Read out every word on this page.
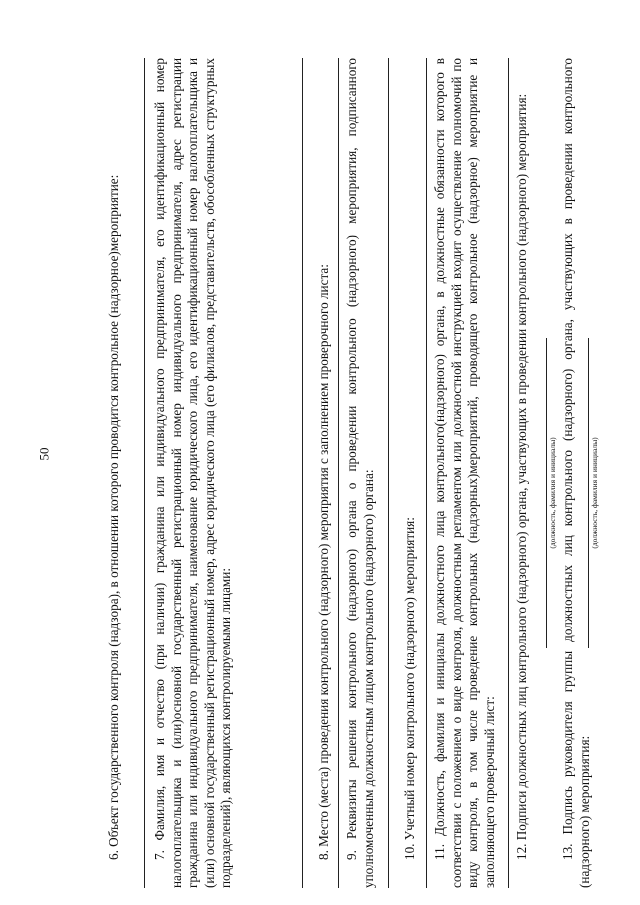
50	6. Объект государственного контроля (надзора), в отношении которого проводится контрольное (надзорное)мероприятие: 7. Фамилия, имя и отчество (при наличии) гражданина или индивидуального предпринимателя, его идентификационный номер налогоплательщика и (или)основной государственный регистрационный номер индивидуального предпринимателя, адрес регистрации гражданина или индивидуального предпринимателя, наименование юридического лица, его идентификационный номер налогоплательщика и (или) основной государственный регистрационный номер, адрес юридического лица (его филиалов, представительств, обособленных структурных подразделений), являющихся контролируемыми лицами:	8. Место (места) проведения контрольного (надзорного) мероприятия с заполнением проверочного листа: 9. Реквизиты решения контрольного (надзорного) органа о проведении контрольного (надзорного) мероприятия, подписанного уполномоченным должностным лицом контрольного (надзорного) органа: 10. Учетный номер контрольного (надзорного) мероприятия: 11. Должность, фамилия и инициалы должностного лица контрольного(надзорного) органа, в должностные обязанности которого в соответствии с положением о виде контроля, должностным регламентом или должностной инструкцией входит осуществление полномочий по виду контроля, в том числе проведение контрольных (надзорных)мероприятий, проводящего контрольное (надзорное) мероприятие и заполняющего проверочный лист: 12. Подписи должностных лиц контрольного (надзорного) органа, участвующих в проведении контрольного (надзорного) мероприятия:	(должность, фамилия и инициалы) 13. Подпись руководителя группы должностных лиц контрольного (надзорного) органа, участвующих в проведении контрольного (надзорного) мероприятия:

(должность, фамилия и инициалы)
